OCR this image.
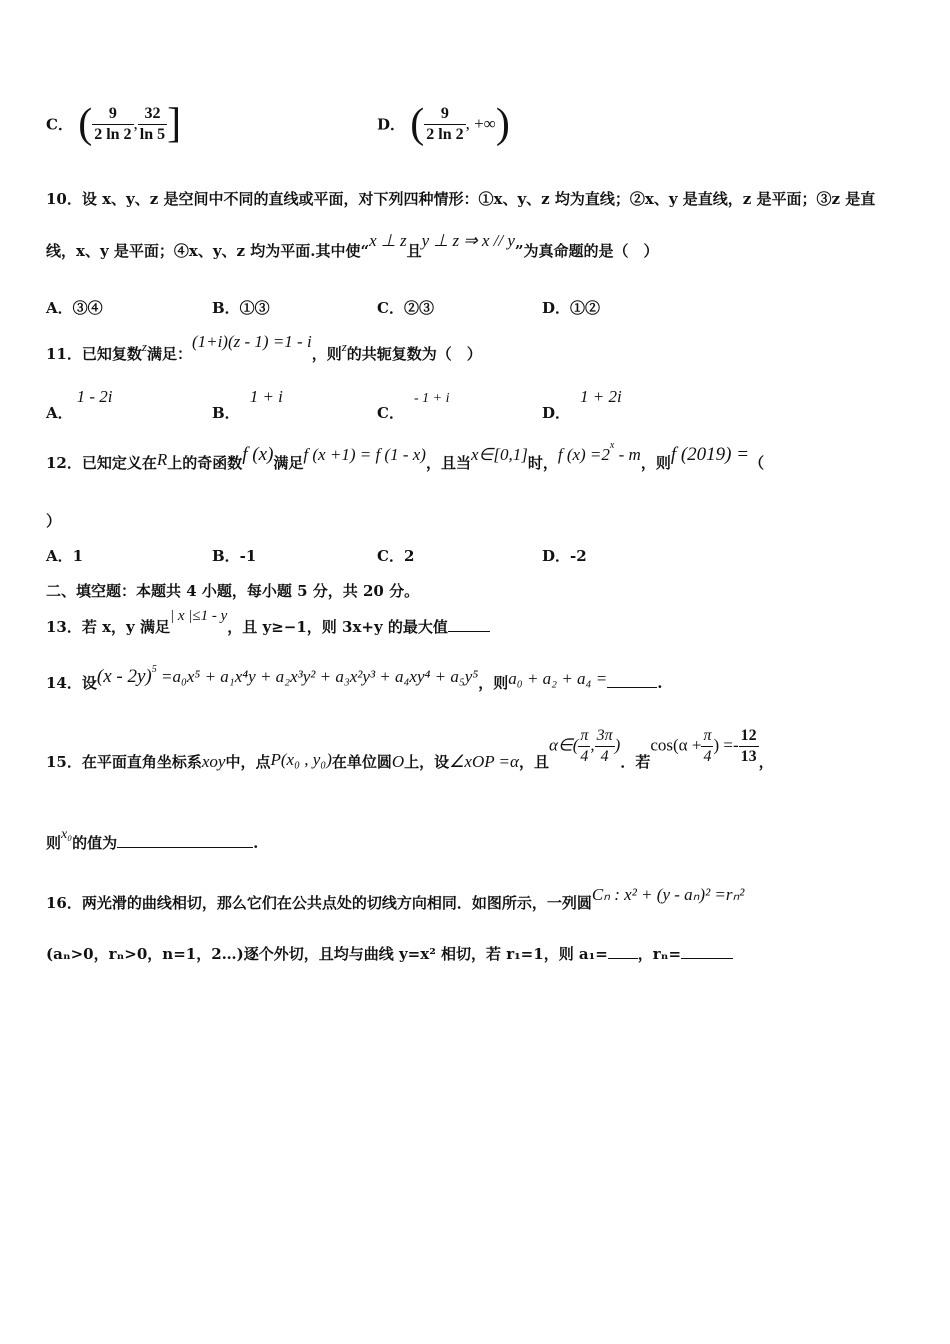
C． ( $\frac{9}{2 \ln 2}$ , $\frac{32}{\ln 5}$ ]	D． ( $\frac{9}{2 \ln 2}$ , +∞)
10．设 x、y、z 是空间中不同的直线或平面，对下列四种情形：①x、y、z 均为直线；②x、y 是直线，z 是平面；③z 是直
线，x、y 是平面；④x、y、z 均为平面.其中使“x ⊥ z且y ⊥ z ⇒ x // y”为真命题的是（　）
A．③④	B．①③	C．②③	D．①②
11．已知复数z满足：(1+i)(z - 1) =1 - i，则z的共轭复数为（　）
A．1 - 2i
B．1 + i
C．- 1 + i
D．1 + 2i
12．已知定义在R上的奇函数f (x)满足f (x +1) = f (1 - x)，且当x∈[0,1]时，f $(x) =2^x - m$，则f (2019) =（
）
A．1	B．-1	C．2	D．-2
二、填空题：本题共 4 小题，每小题 5 分，共 20 分。
13．若 x，y 满足| x |≤1 - y，且 y≥−1，则 3x+y 的最大值
14．设(x - 2y)$^5$ =a₀x⁵ + a₁x⁴y + a₂x³y² + a₃x²y³ + a₄xy⁴ + a₅y⁵，则a₀ + a₂ + a₄ =	.
15．在平面直角坐标系xoy中，点P(x₀ , y₀)在单位圆O上，设∠xOP =α，且α∈( $\frac{\pi}{4}$ , $\frac{3\pi}{4}$ )．若$\cos(\alpha + \frac{\pi}{4}$ ) =- $\frac{12}{13}$ ，
则x₀的值为	.
16．两光滑的曲线相切，那么它们在公共点处的切线方向相同．如图所示，一列圆Cₙ : x² + (y - aₙ)² =rₙ²
(aₙ>0，rₙ>0，n=1，2…)逐个外切，且均与曲线 y=x² 相切，若 r₁=1，则 a₁= ，rₙ=
